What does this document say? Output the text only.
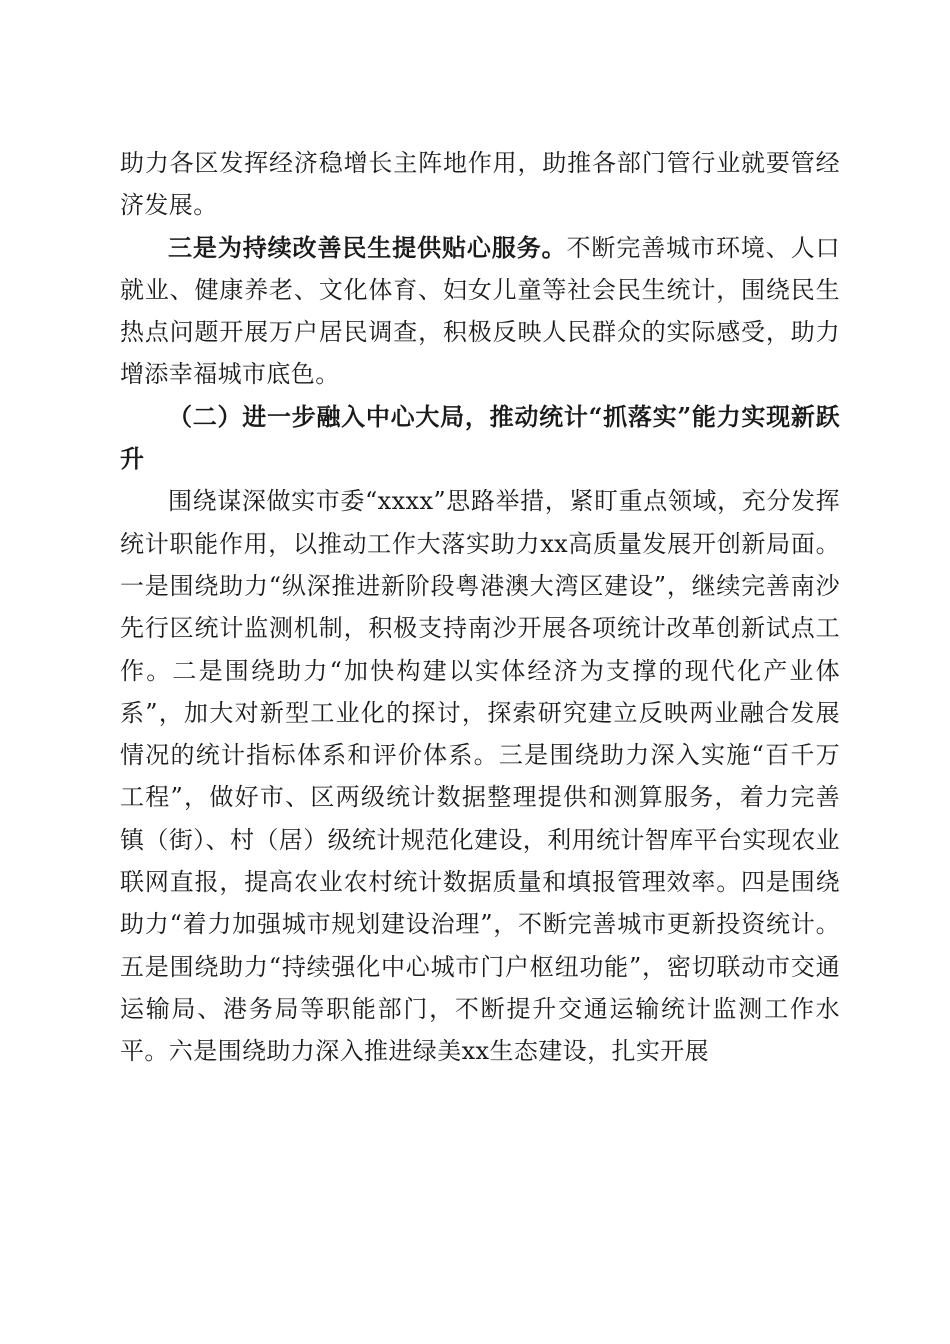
助力各区发挥经济稳增长主阵地作用，助推各部门管行业就要管经济发展。

三是为持续改善民生提供贴心服务。不断完善城市环境、人口就业、健康养老、文化体育、妇女儿童等社会民生统计，围绕民生热点问题开展万户居民调查，积极反映人民群众的实际感受，助力增添幸福城市底色。

（二）进一步融入中心大局，推动统计“抓落实”能力实现新跃升

围绕谋深做实市委“xxxx”思路举措，紧盯重点领域，充分发挥统计职能作用，以推动工作大落实助力xx高质量发展开创新局面。一是围绕助力“纵深推进新阶段粤港澳大湾区建设”，继续完善南沙先行区统计监测机制，积极支持南沙开展各项统计改革创新试点工作。二是围绕助力“加快构建以实体经济为支撑的现代化产业体系”，加大对新型工业化的探讨，探索研究建立反映两业融合发展情况的统计指标体系和评价体系。三是围绕助力深入实施“百千万工程”，做好市、区两级统计数据整理提供和测算服务，着力完善镇（街）、村（居）级统计规范化建设，利用统计智库平台实现农业联网直报，提高农业农村统计数据质量和填报管理效率。四是围绕助力“着力加强城市规划建设治理”，不断完善城市更新投资统计。五是围绕助力“持续强化中心城市门户枢纽功能”，密切联动市交通运输局、港务局等职能部门，不断提升交通运输统计监测工作水平。六是围绕助力深入推进绿美xx生态建设，扎实开展
